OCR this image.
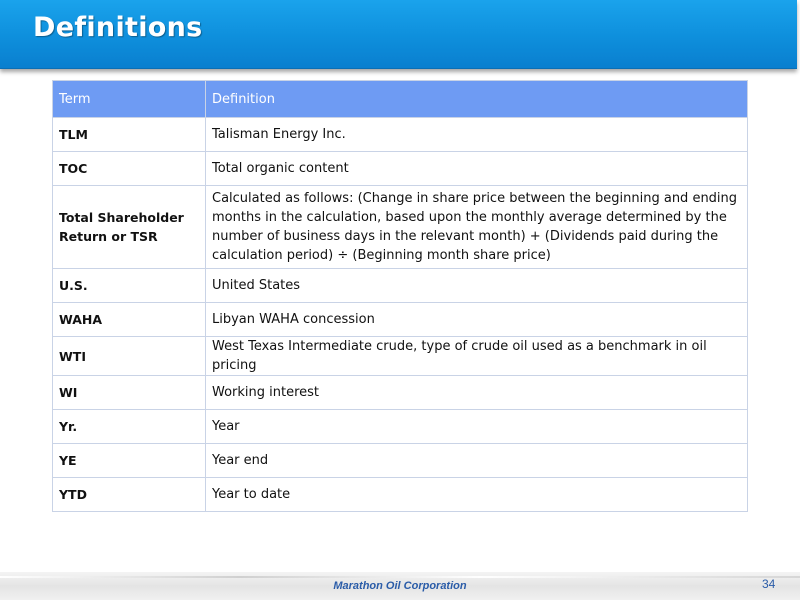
Definitions
Term	Definition
TLM	Talisman Energy Inc.
TOC	Total organic content
Total Shareholder Return or TSR	Calculated as follows: (Change in share price between the beginning and ending months in the calculation, based upon the monthly average determined by the number of business days in the relevant month) + (Dividends paid during the calculation period) ÷ (Beginning month share price)
U.S.	United States
WAHA	Libyan WAHA concession
WTI	West Texas Intermediate crude, type of crude oil used as a benchmark in oil pricing
WI	Working interest
Yr.	Year
YE	Year end
YTD	Year to date
Marathon Oil Corporation	34
